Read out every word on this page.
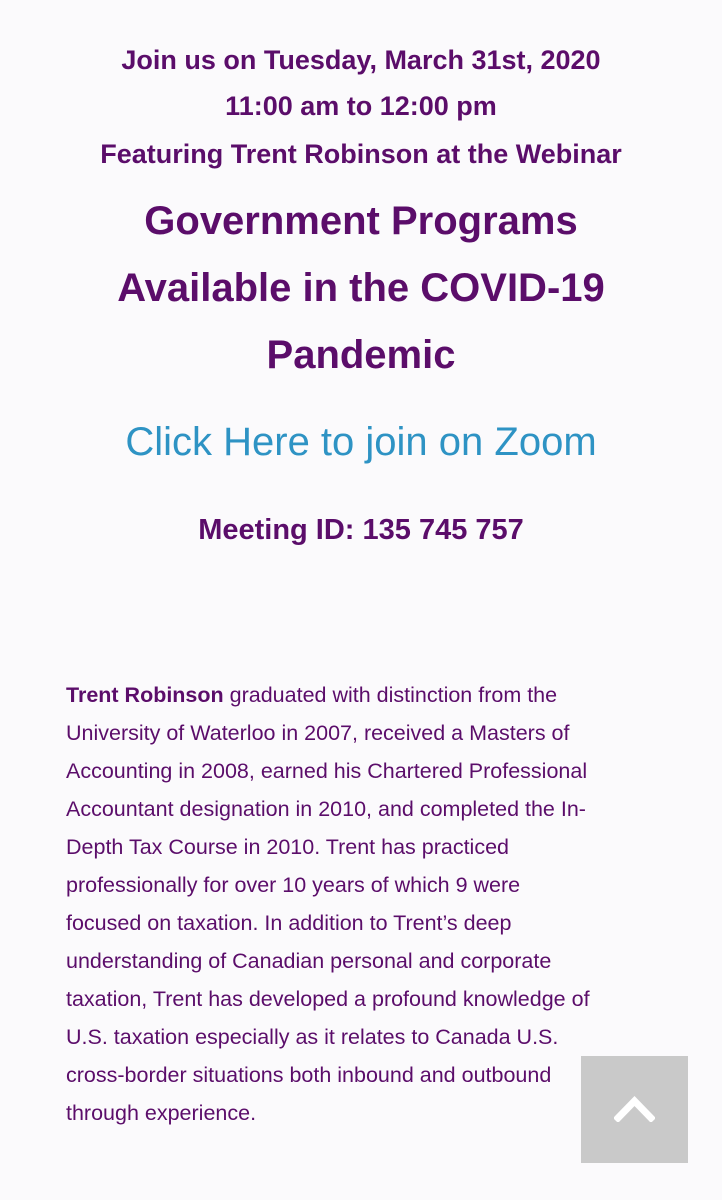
Join us on Tuesday, March 31st, 2020
11:00 am to 12:00 pm
Featuring Trent Robinson at the Webinar
Government Programs
Available in the COVID-19
Pandemic
Click Here to join on Zoom
Meeting ID: 135 745 757
Trent Robinson graduated with distinction from the
University of Waterloo in 2007, received a Masters of
Accounting in 2008, earned his Chartered Professional
Accountant designation in 2010, and completed the In-
Depth Tax Course in 2010. Trent has practiced
professionally for over 10 years of which 9 were
focused on taxation. In addition to Trent’s deep
understanding of Canadian personal and corporate
taxation, Trent has developed a profound knowledge of
U.S. taxation especially as it relates to Canada U.S.
cross-border situations both inbound and outbound
through experience.
